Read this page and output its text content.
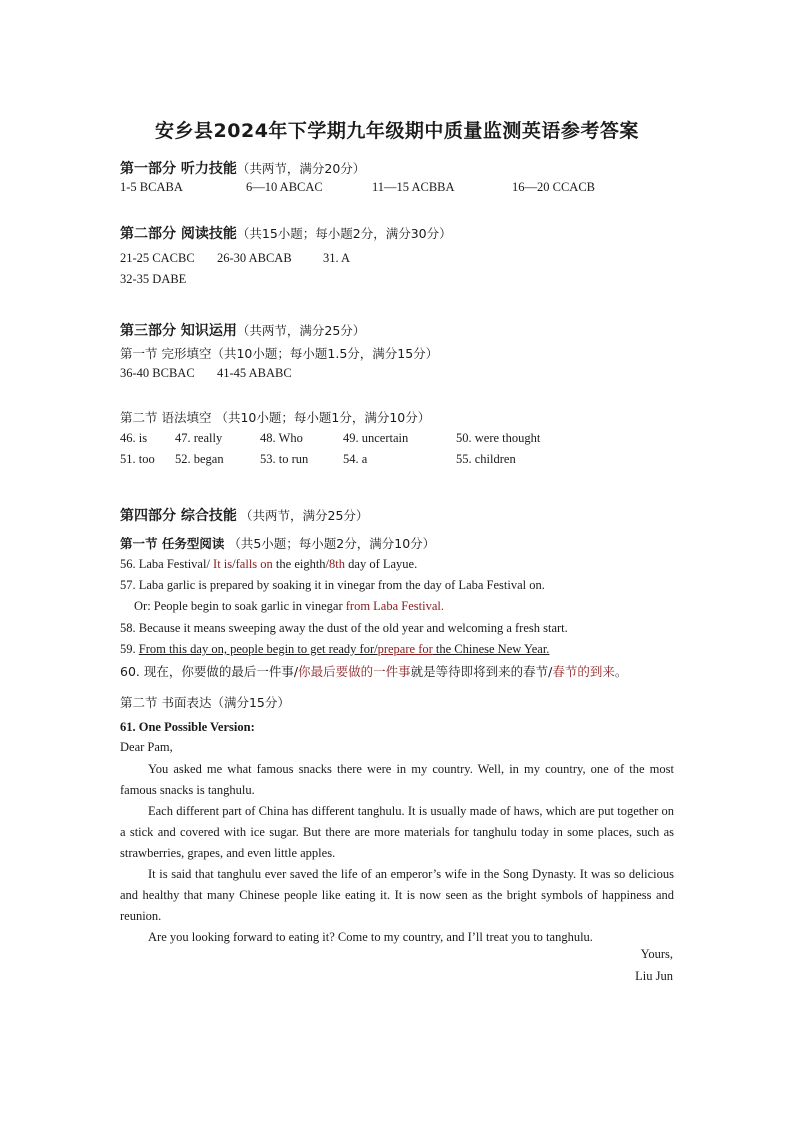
安乡县2024年下学期九年级期中质量监测英语参考答案
第一部分 听力技能（共两节，满分20分）
1-5 BCABA	6—10 ABCAC	11—15 ACBBA	16—20 CCACB
第二部分 阅读技能（共15小题；每小题2分，满分30分）
21-25 CACBC 26-30 ABCAB	31. A
32-35 DABE
第三部分 知识运用（共两节，满分25分）
第一节 完形填空（共10小题；每小题1.5分，满分15分）
36-40 BCBAC 41-45 ABABC
第二节 语法填空 （共10小题；每小题1分，满分10分）
46. is 47. really	48. Who	49. uncertain	50. were thought
51. too 52. began	53. to run	54. a	55. children
第四部分 综合技能 （共两节，满分25分）
第一节 任务型阅读 （共5小题；每小题2分，满分10分）
56. Laba Festival/ It is/falls on the eighth/8th day of Layue.
57. Laba garlic is prepared by soaking it in vinegar from the day of Laba Festival on.
Or: People begin to soak garlic in vinegar from Laba Festival.
58. Because it means sweeping away the dust of the old year and welcoming a fresh start.
59. From this day on, people begin to get ready for/prepare for the Chinese New Year.
60. 现在，你要做的最后一件事/你最后要做的一件事就是等待即将到来的春节/春节的到来。
第二节 书面表达（满分15分）
61. One Possible Version:
Dear Pam,
You asked me what famous snacks there were in my country. Well, in my country, one of the most famous snacks is tanghulu.
Each different part of China has different tanghulu. It is usually made of haws, which are put together on a stick and covered with ice sugar. But there are more materials for tanghulu today in some places, such as strawberries, grapes, and even little apples.
It is said that tanghulu ever saved the life of an emperor’s wife in the Song Dynasty. It was so delicious and healthy that many Chinese people like eating it. It is now seen as the bright symbols of happiness and reunion.
Are you looking forward to eating it? Come to my country, and I’ll treat you to tanghulu.
Yours,
Liu Jun
